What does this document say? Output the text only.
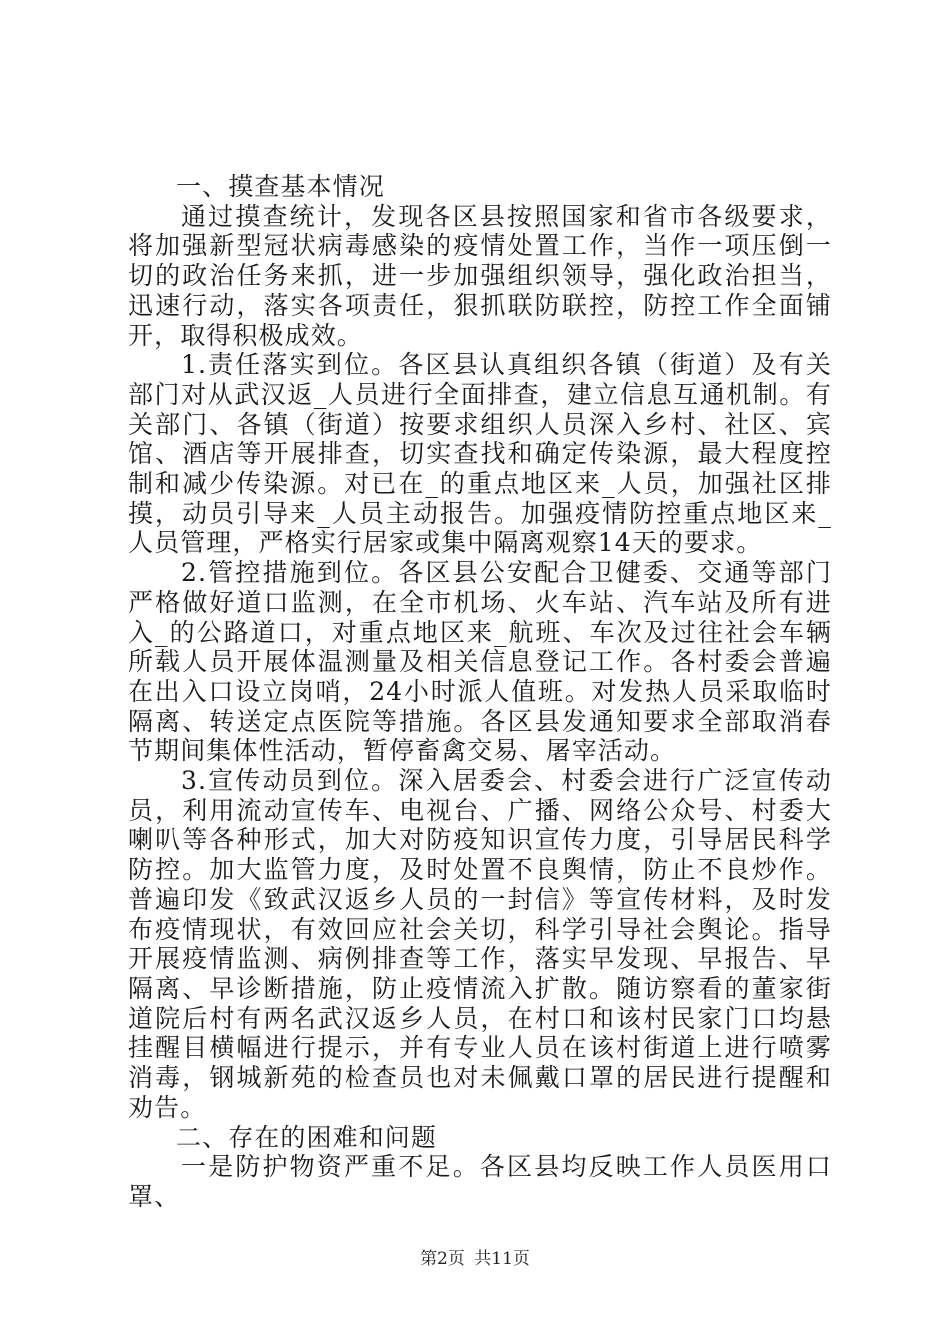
一、摸查基本情况

通过摸查统计，发现各区县按照国家和省市各级要求，将加强新型冠状病毒感染的疫情处置工作，当作一项压倒一切的政治任务来抓，进一步加强组织领导，强化政治担当，迅速行动，落实各项责任，狠抓联防联控，防控工作全面铺开，取得积极成效。

1.责任落实到位。各区县认真组织各镇（街道）及有关部门对从武汉返_人员进行全面排查，建立信息互通机制。有关部门、各镇（街道）按要求组织人员深入乡村、社区、宾馆、酒店等开展排查，切实查找和确定传染源，最大程度控制和减少传染源。对已在_的重点地区来_人员，加强社区排摸，动员引导来_人员主动报告。加强疫情防控重点地区来_人员管理，严格实行居家或集中隔离观察14天的要求。

2.管控措施到位。各区县公安配合卫健委、交通等部门严格做好道口监测，在全市机场、火车站、汽车站及所有进入_的公路道口，对重点地区来_航班、车次及过往社会车辆所载人员开展体温测量及相关信息登记工作。各村委会普遍在出入口设立岗哨，24小时派人值班。对发热人员采取临时隔离、转送定点医院等措施。各区县发通知要求全部取消春节期间集体性活动，暂停畜禽交易、屠宰活动。

3.宣传动员到位。深入居委会、村委会进行广泛宣传动员，利用流动宣传车、电视台、广播、网络公众号、村委大喇叭等各种形式，加大对防疫知识宣传力度，引导居民科学防控。加大监管力度，及时处置不良舆情，防止不良炒作。普遍印发《致武汉返乡人员的一封信》等宣传材料，及时发布疫情现状，有效回应社会关切，科学引导社会舆论。指导开展疫情监测、病例排查等工作，落实早发现、早报告、早隔离、早诊断措施，防止疫情流入扩散。随访察看的董家街道院后村有两名武汉返乡人员，在村口和该村民家门口均悬挂醒目横幅进行提示，并有专业人员在该村街道上进行喷雾消毒，钢城新苑的检查员也对未佩戴口罩的居民进行提醒和劝告。

二、存在的困难和问题

一是防护物资严重不足。各区县均反映工作人员医用口罩、

第2页 共11页
